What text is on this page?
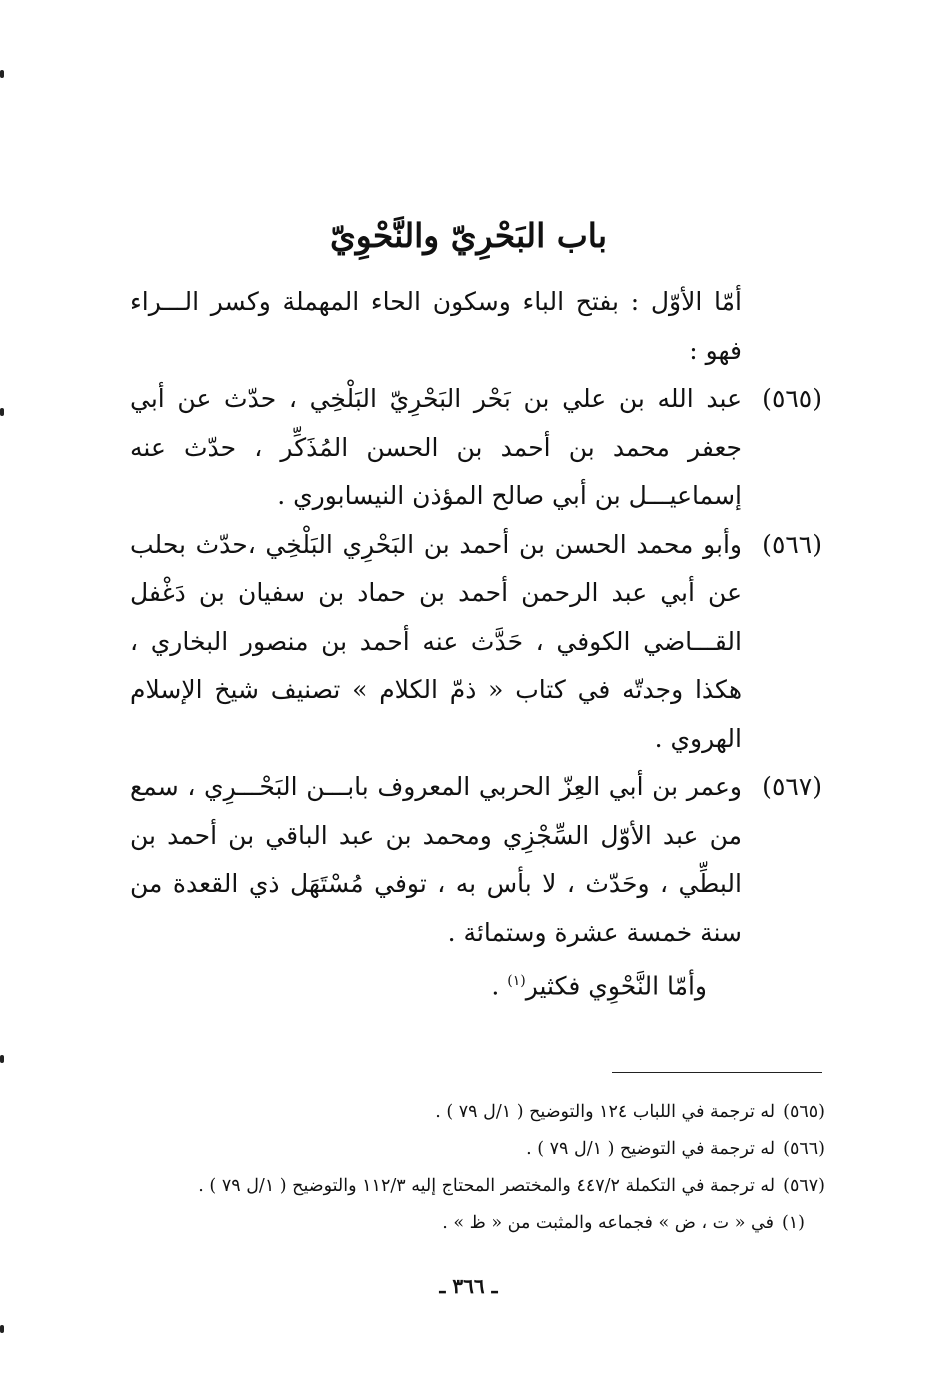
باب البَحْرِيّ والنَّحْوِيّ

أمّا الأوّل : بفتح الباء وسكون الحاء المهملة وكسر الـــراء فهو :

(٥٦٥)
عبد الله بن علي بن بَحْر البَحْرِيّ البَلْخِي ، حدّث عن أبي جعفر محمد بن أحمد بن الحسن المُذَكِّر ، حدّث عنه إسماعيـــل بن أبي صالح المؤذن النيسابوري .

(٥٦٦)
وأبو محمد الحسن بن أحمد بن البَحْرِي البَلْخِي ،حدّث بحلب عن أبي عبد الرحمن أحمد بن حماد بن سفيان بن دَغْفل القـــاضي الكوفي ، حَدَّث عنه أحمد بن منصور البخاري ، هكذا وجدتّه في كتاب « ذمّ الكلام » تصنيف شيخ الإسلام الهروي .

(٥٦٧)
وعمر بن أبي العِزّ الحربي المعروف بابـــن البَحْـــرِي ، سمع من عبد الأوّل السِّجْزِي ومحمد بن عبد الباقي بن أحمد بن البطِّي ، وحَدّث ، لا بأس به ، توفي مُسْتَهَل ذي القعدة من سنة خمسة عشرة وستمائة .

وأمّا النَّحْوِي فكثير$^{(١)}$ .

(٥٦٥)له ترجمة في اللباب ١٢٤ والتوضيح ( ١/ل ٧٩ ) .

(٥٦٦)له ترجمة في التوضيح ( ١/ل ٧٩ ) .

(٥٦٧)له ترجمة في التكملة ٤٤٧/٢ والمختصر المحتاج إليه ١١٢/٣ والتوضيح ( ١/ل ٧٩ ) .

(١)في « ت ، ض » فجماعه والمثبت من « ظ » .

ـ ٣٦٦ ـ
